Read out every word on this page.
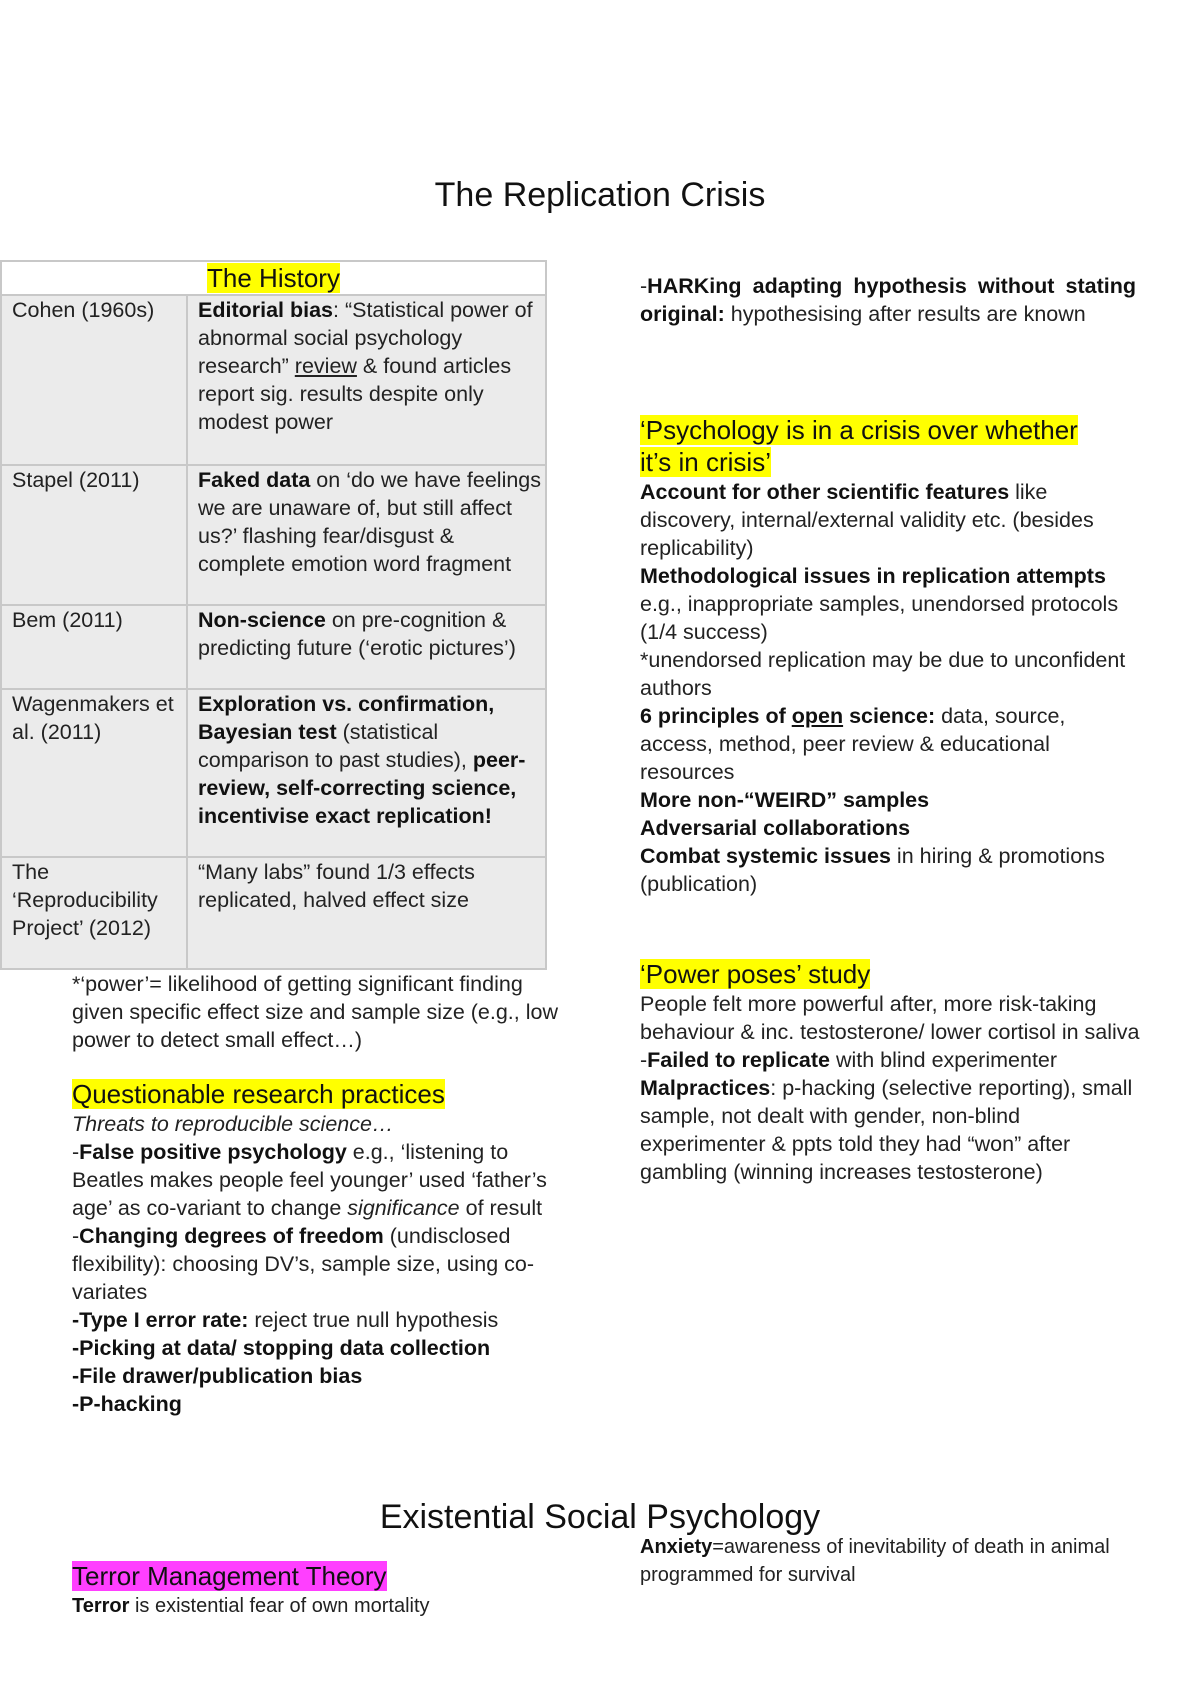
The Replication Crisis
The History	
Cohen (1960s)	Editorial bias: “Statistical power of abnormal social psychology research” review & found articles report sig. results despite only modest power
Stapel (2011)	Faked data on ‘do we have feelings we are unaware of, but still affect us?’ flashing fear/disgust & complete emotion word fragment
Bem (2011)	Non-science on pre-cognition & predicting future (‘erotic pictures’)
Wagenmakers et al. (2011)	Exploration vs. confirmation, Bayesian test (statistical comparison to past studies), peer-review, self-correcting science, incentivise exact replication!
The ‘Reproducibility Project’ (2012)	“Many labs” found 1/3 effects replicated, halved effect size
*‘power’= likelihood of getting significant finding given specific effect size and sample size (e.g., low power to detect small effect…)
Questionable research practices
Threats to reproducible science…
-False positive psychology e.g., ‘listening to Beatles makes people feel younger’ used ‘father’s age’ as co-variant to change significance of result
-Changing degrees of freedom (undisclosed flexibility): choosing DV’s, sample size, using co-variates
-Type I error rate: reject true null hypothesis
-Picking at data/ stopping data collection
-File drawer/publication bias
-P-hacking
-HARKing adapting hypothesis without stating original: hypothesising after results are known
‘Psychology is in a crisis over whether it’s in crisis’
Account for other scientific features like discovery, internal/external validity etc. (besides replicability)
Methodological issues in replication attempts e.g., inappropriate samples, unendorsed protocols (1/4 success)
*unendorsed replication may be due to unconfident authors
6 principles of open science: data, source, access, method, peer review & educational resources
More non-“WEIRD” samples
Adversarial collaborations
Combat systemic issues in hiring & promotions (publication)
‘Power poses’ study
People felt more powerful after, more risk-taking behaviour & inc. testosterone/ lower cortisol in saliva
-Failed to replicate with blind experimenter
Malpractices: p-hacking (selective reporting), small sample, not dealt with gender, non-blind experimenter & ppts told they had “won” after gambling (winning increases testosterone)
Existential Social Psychology
Terror Management Theory
Terror is existential fear of own mortality
Anxiety=awareness of inevitability of death in animal programmed for survival
